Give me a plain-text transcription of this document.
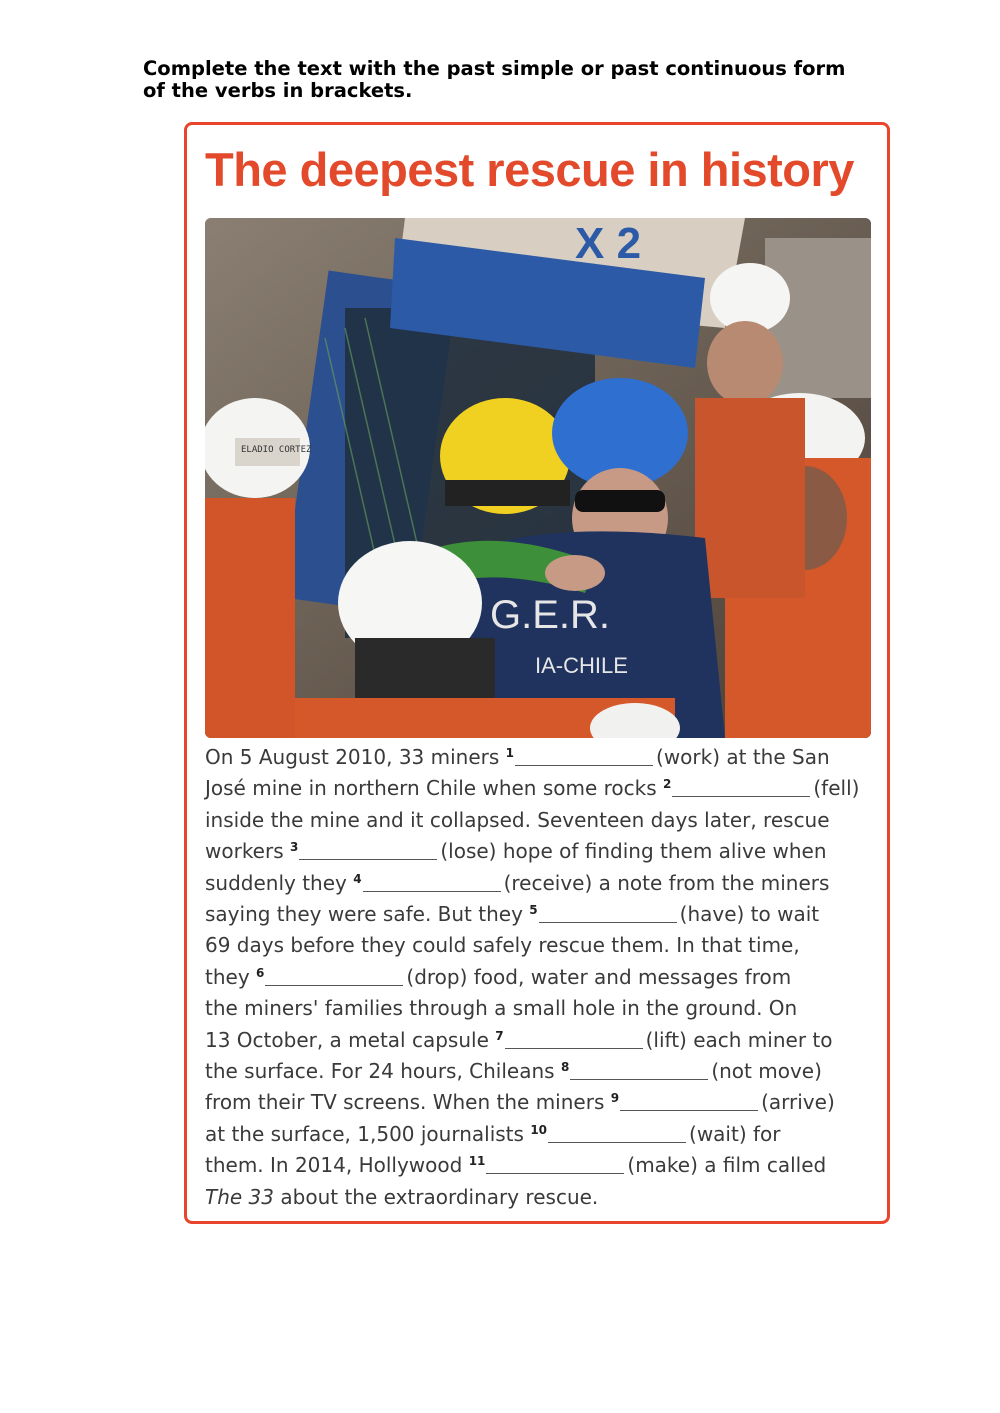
Complete the text with the past simple or past continuous form
of the verbs in brackets.
The deepest rescue in history
X 2
ELADIO CORTEZ
G.E.R.
IA-CHILE
On 5 August 2010, 33 miners $^1$	(work) at the San
José mine in northern Chile when some rocks $^2$	(fell)
inside the mine and it collapsed. Seventeen days later, rescue
workers $^3$	(lose) hope of finding them alive when
suddenly they $^4$	(receive) a note from the miners
saying they were safe. But they $^5$	(have) to wait
69 days before they could safely rescue them. In that time,
they $^6$	(drop) food, water and messages from
the miners' families through a small hole in the ground. On
13 October, a metal capsule $^7$	(lift) each miner to
the surface. For 24 hours, Chileans $^8$	(not move)
from their TV screens. When the miners $^9$	(arrive)
at the surface, 1,500 journalists $^{10}$	(wait) for
them. In 2014, Hollywood $^{11}$	(make) a film called
The 33 about the extraordinary rescue.
